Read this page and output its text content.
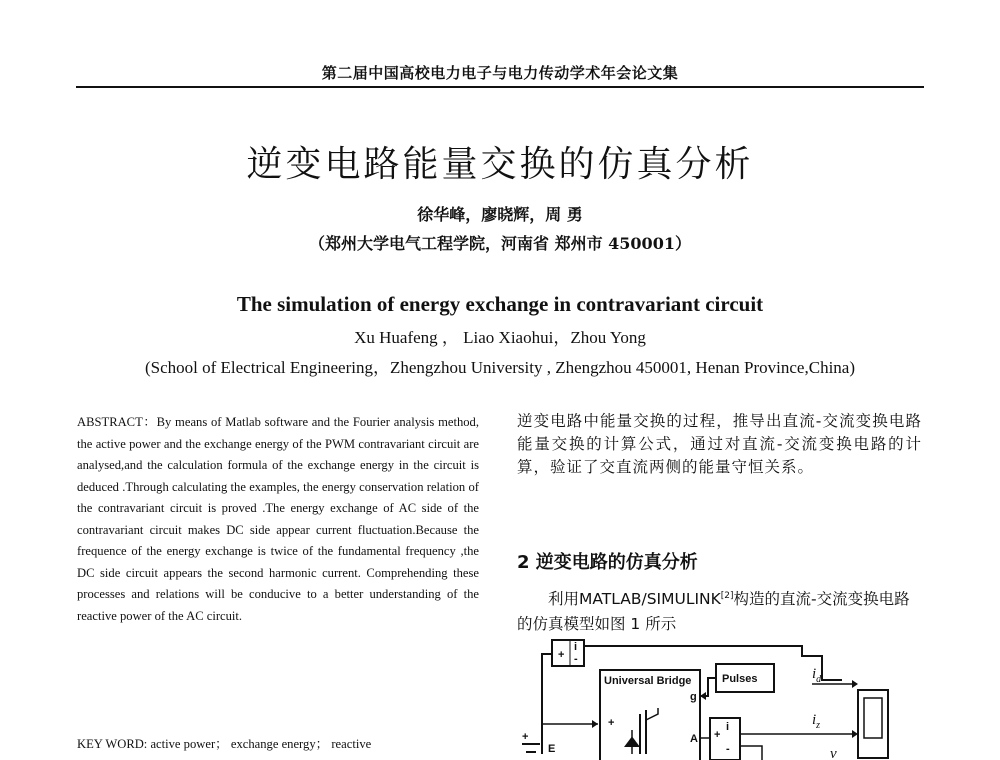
第二届中国高校电力电子与电力传动学术年会论文集
逆变电路能量交换的仿真分析
徐华峰，廖晓辉，周 勇
（郑州大学电气工程学院，河南省 郑州市 450001）
The simulation of energy exchange in contravariant circuit
Xu Huafeng ， Liao Xiaohui，Zhou Yong
(School of Electrical Engineering，Zhengzhou University , Zhengzhou 450001, Henan Province,China)
ABSTRACT：By means of Matlab software and the Fourier analysis method, the active power and the exchange energy of the PWM contravariant circuit are analysed,and the calculation formula of the exchange energy in the circuit is deduced .Through calculating the examples, the energy conservation relation of the contravariant circuit is proved .The energy exchange of AC side of the contravariant circuit makes DC side appear current fluctuation.Because the frequence of the energy exchange is twice of the fundamental frequency ,the DC side circuit appears the second harmonic current. Comprehending these processes and relations will be conducive to a better understanding of the reactive power of the AC circuit.
KEY WORD: active power； exchange energy； reactive
逆变电路中能量交换的过程，推导出直流-交流变换电路能量交换的计算公式，通过对直流-交流变换电路的计算，验证了交直流两侧的能量守恒关系。
2 逆变电路的仿真分析
利用MATLAB/SIMULINK[2]构造的直流-交流变换电路的仿真模型如图 1 所示
+
i
-
Universal Bridge	Pulses
g
A
+
+
i
-
+
E
$i_d$
$i_z$
v
